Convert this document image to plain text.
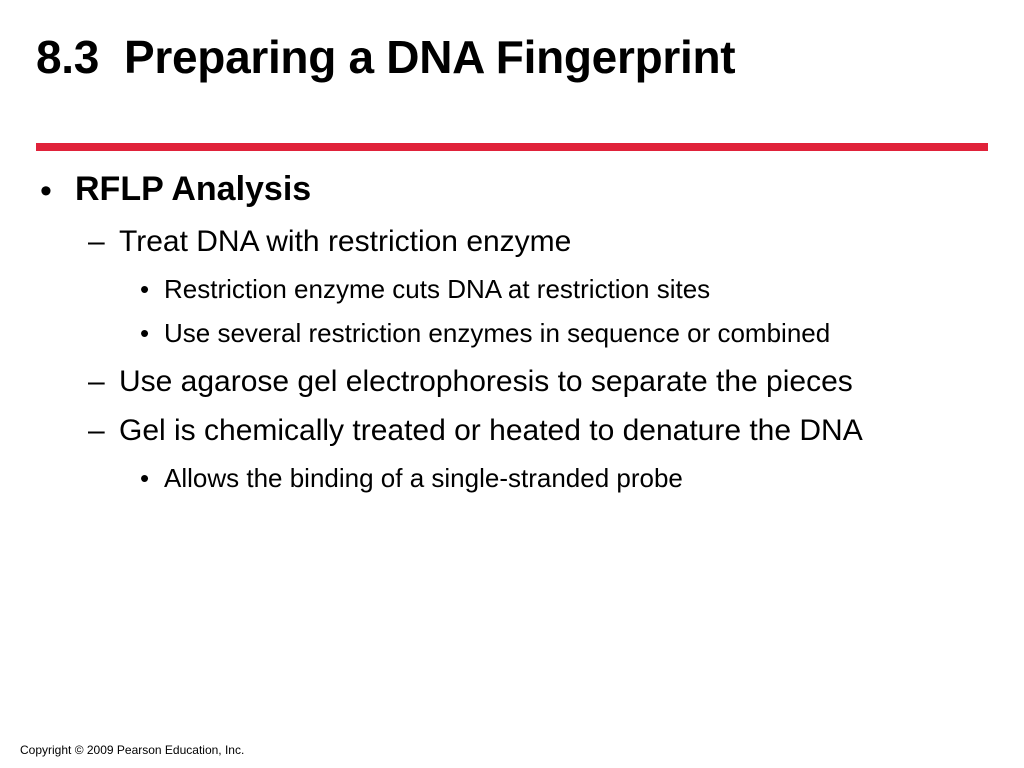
8.3  Preparing a DNA Fingerprint
• RFLP Analysis
– Treat DNA with restriction enzyme
• Restriction enzyme cuts DNA at restriction sites
• Use several restriction enzymes in sequence or combined
– Use agarose gel electrophoresis to separate the pieces
– Gel is chemically treated or heated to denature the DNA
• Allows the binding of a single-stranded probe
Copyright © 2009 Pearson Education, Inc.
